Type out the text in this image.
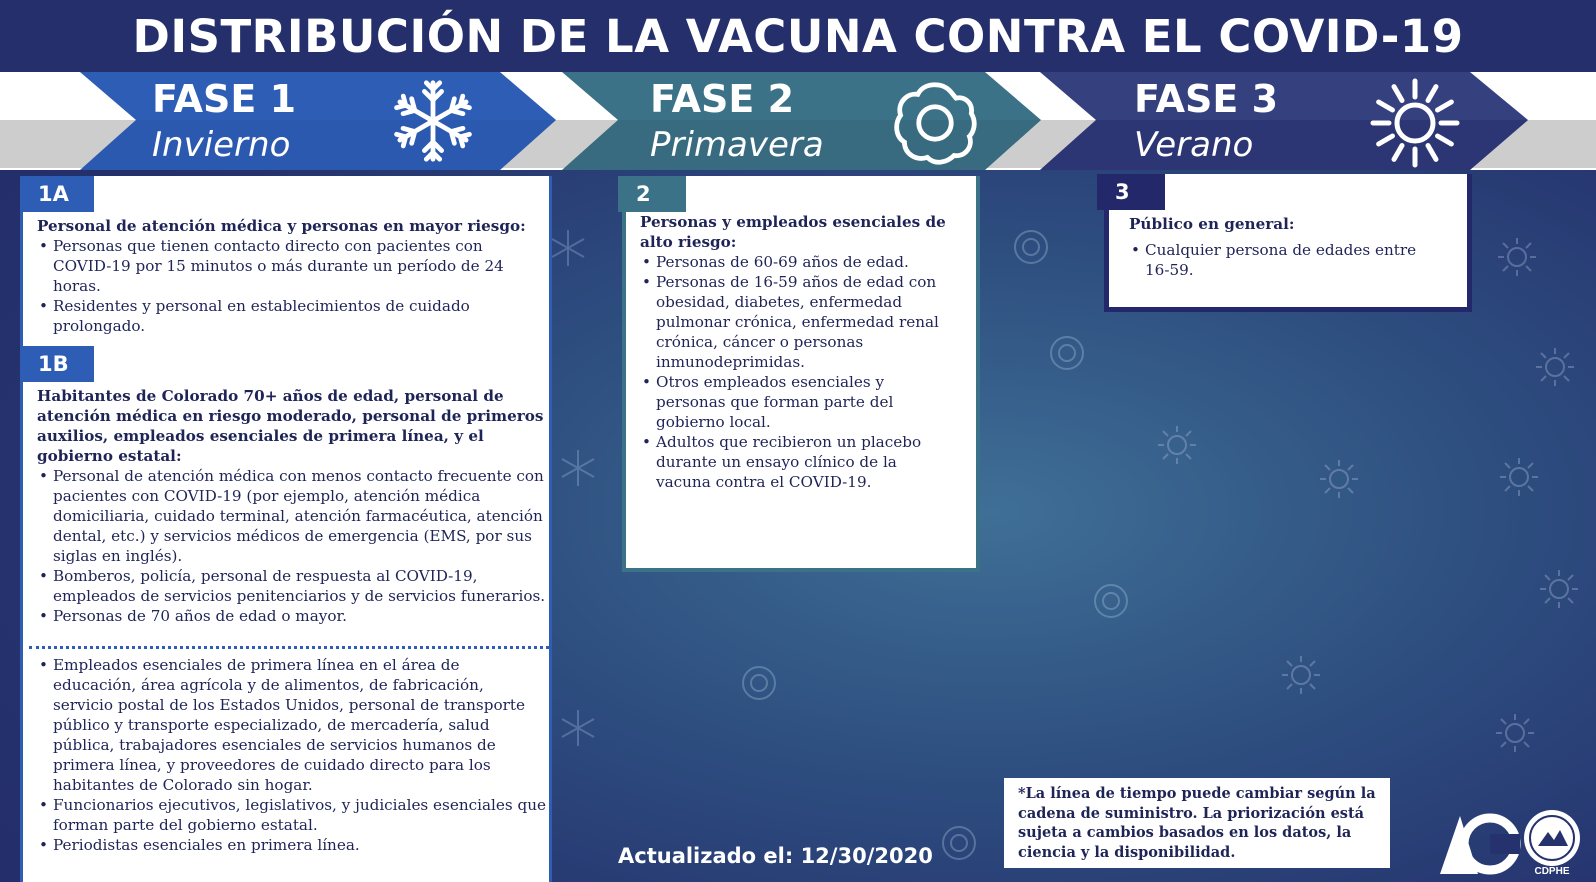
DISTRIBUCIÓN DE LA VACUNA CONTRA EL COVID-19
FASE 1
Invierno
FASE 2
Primavera
FASE 3
Verano
1A
Personal de atención médica y personas en mayor riesgo:
• Personas que tienen contacto directo con pacientes con COVID-19 por 15 minutos o más durante un período de 24 horas.
• Residentes y personal en establecimientos de cuidado prolongado.
1B
Habitantes de Colorado 70+ años de edad, personal de atención médica en riesgo moderado, personal de primeros auxilios, empleados esenciales de primera línea, y el gobierno estatal:
• Personal de atención médica con menos contacto frecuente con pacientes con COVID-19 (por ejemplo, atención médica domiciliaria, cuidado terminal, atención farmacéutica, atención dental, etc.) y servicios médicos de emergencia (EMS, por sus siglas en inglés).
• Bomberos, policía, personal de respuesta al COVID-19, empleados de servicios penitenciarios y de servicios funerarios.
• Personas de 70 años de edad o mayor.
• Empleados esenciales de primera línea en el área de educación, área agrícola y de alimentos, de fabricación, servicio postal de los Estados Unidos, personal de transporte público y transporte especializado, de mercadería, salud pública, trabajadores esenciales de servicios humanos de primera línea, y proveedores de cuidado directo para los habitantes de Colorado sin hogar.
• Funcionarios ejecutivos, legislativos, y judiciales esenciales que forman parte del gobierno estatal.
• Periodistas esenciales en primera línea.
2
Personas y empleados esenciales de alto riesgo:
• Personas de 60-69 años de edad.
• Personas de 16-59 años de edad con obesidad, diabetes, enfermedad pulmonar crónica, enfermedad renal crónica, cáncer o personas inmunodeprimidas.
• Otros empleados esenciales y personas que forman parte del gobierno local.
• Adultos que recibieron un placebo durante un ensayo clínico de la vacuna contra el COVID-19.
3
Público en general:
• Cualquier persona de edades entre 16-59.
Actualizado el: 12/30/2020
*La línea de tiempo puede cambiar según la cadena de suministro. La priorización está sujeta a cambios basados en los datos, la ciencia y la disponibilidad.
CDPHE
